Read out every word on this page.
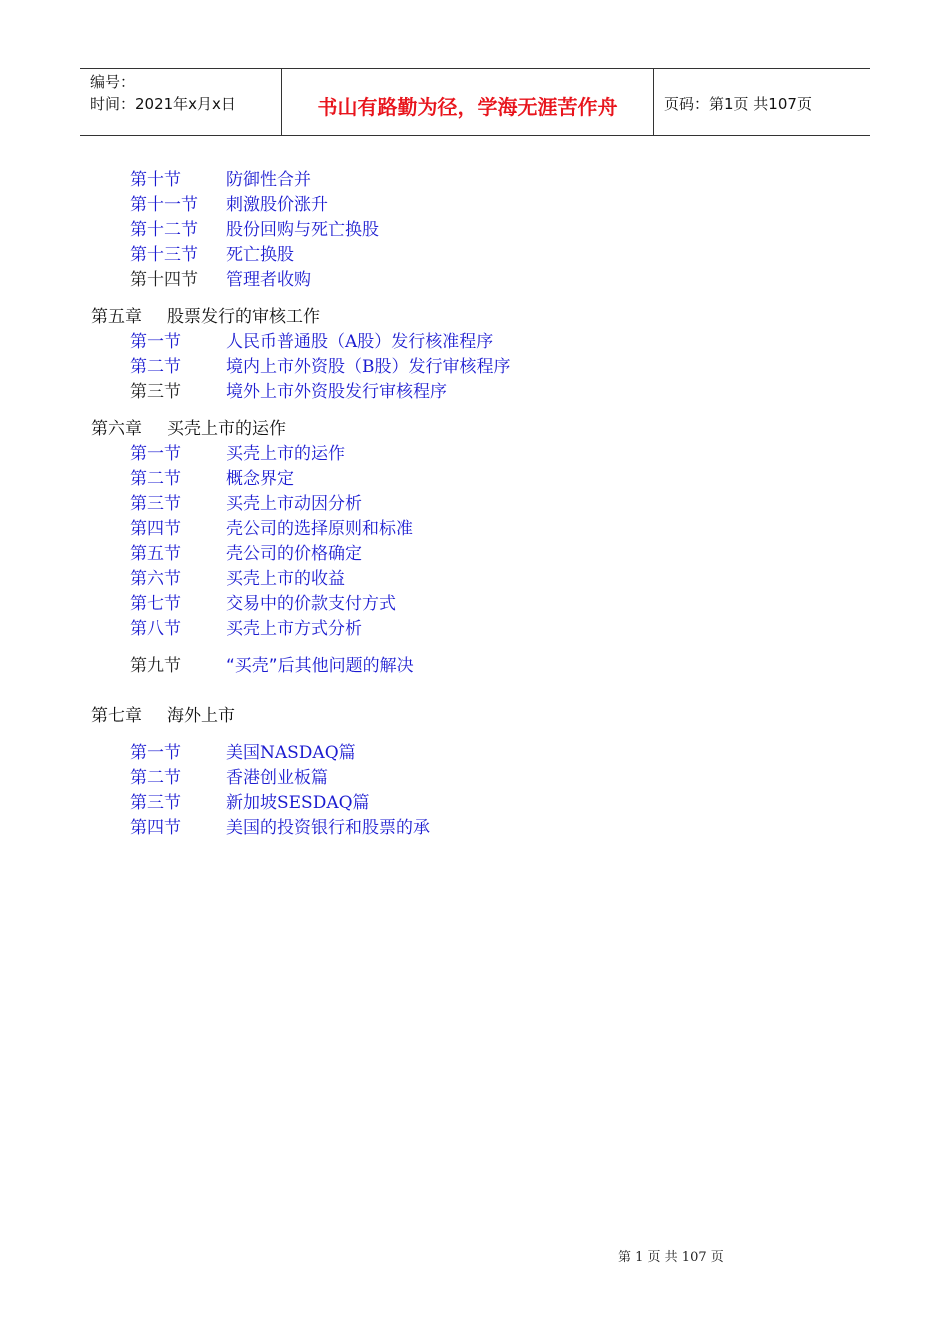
编号：
时间：2021年x月x日	书山有路勤为径，学海无涯苦作舟	页码：第1页 共107页
第十节	防御性合并
第十一节 刺激股价涨升
第十二节 股份回购与死亡换股
第十三节 死亡换股
第十四节 管理者收购
第五章 股票发行的审核工作
第一节	人民币普通股（A股）发行核准程序
第二节	境内上市外资股（B股）发行审核程序
第三节	境外上市外资股发行审核程序
第六章 买壳上市的运作
第一节	买壳上市的运作
第二节	概念界定
第三节	买壳上市动因分析
第四节	壳公司的选择原则和标准
第五节	壳公司的价格确定
第六节	买壳上市的收益
第七节	交易中的价款支付方式
第八节	买壳上市方式分析
第九节	“买壳”后其他问题的解决
第七章 海外上市
第一节	美国NASDAQ篇
第二节	香港创业板篇
第三节	新加坡SESDAQ篇
第四节	美国的投资银行和股票的承
第 1 页 共 107 页
